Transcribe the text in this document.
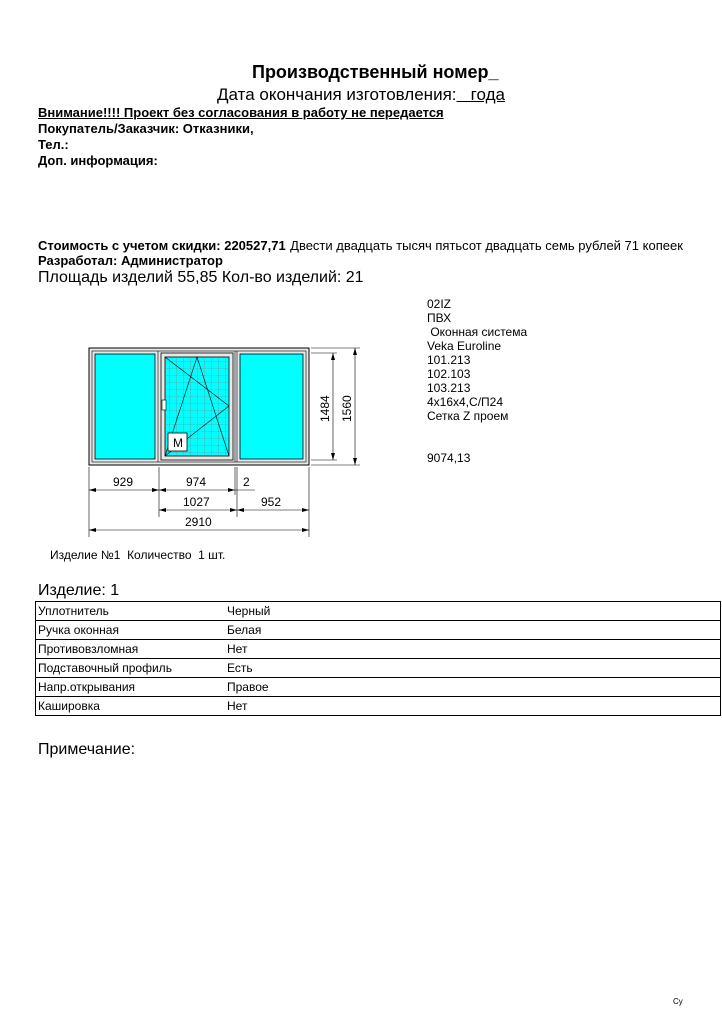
Производственный номер_
Дата окончания изготовления: года
Внимание!!!! Проект без согласования в работу не передается
Покупатель/Заказчик: Отказники,
Тел.:
Доп. информация:
Стоимость с учетом скидки: 220527,71 Двести двадцать тысяч пятьсот двадцать семь рублей 71 копеек
Разработал: Администратор
Площадь изделий 55,85 Кол-во изделий: 21
02IZ
ПВХ
Оконная система
Veka Euroline
101.213
102.103
103.213
4x16x4,С/П24
Сетка Z проем
9074,13
М
1484 1560
929	974	2
1027	952
2910
Изделие №1  Количество  1 шт.
Изделие: 1
Уплотнитель	Черный
Ручка оконная	Белая
Противовзломная	Нет
Подставочный профиль	Есть
Напр.открывания	Правое
Кашировка	Нет
Примечание:
Су
